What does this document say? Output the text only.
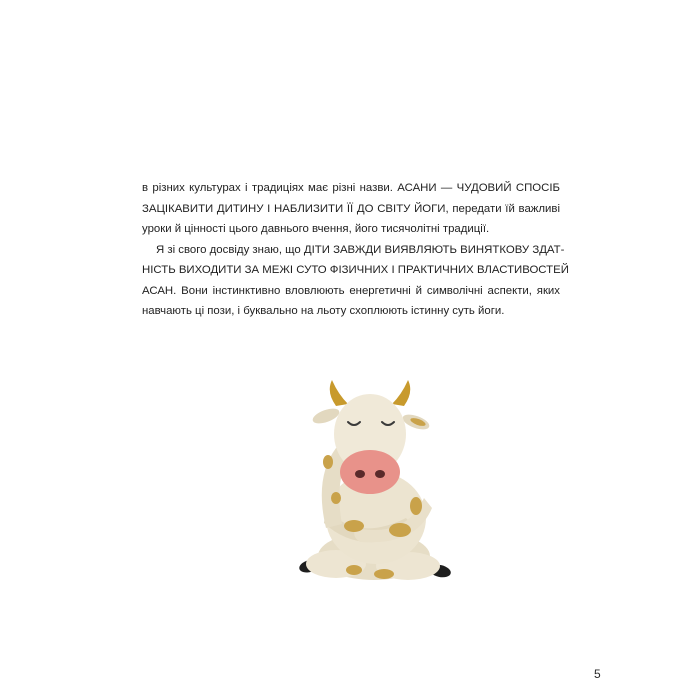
в різних культурах і традиціях має різні назви. АСАНИ — ЧУДОВИЙ СПОСІБ
ЗАЦІКАВИТИ ДИТИНУ І НАБЛИЗИТИ ЇЇ ДО СВІТУ ЙОГИ, передати їй важливі
уроки й цінності цього давнього вчення, його тисячолітні традиції.
Я зі свого досвіду знаю, що ДІТИ ЗАВЖДИ ВИЯВЛЯЮТЬ ВИНЯТКОВУ ЗДАТ-
НІСТЬ ВИХОДИТИ ЗА МЕЖІ СУТО ФІЗИЧНИХ І ПРАКТИЧНИХ ВЛАСТИВОСТЕЙ
АСАН. Вони інстинктивно вловлюють енергетичні й символічні аспекти, яких
навчають ці пози, і буквально на льоту схоплюють істинну суть йоги.
5
